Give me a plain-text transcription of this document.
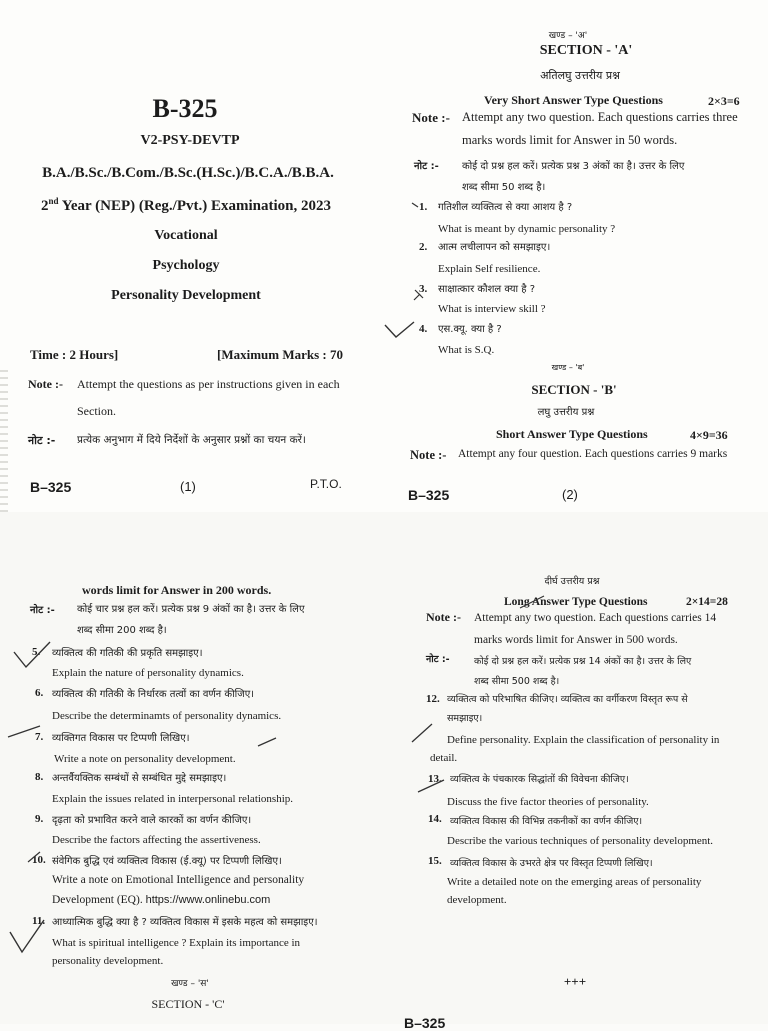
B-325
V2-PSY-DEVTP
B.A./B.Sc./B.Com./B.Sc.(H.Sc.)/B.C.A./B.B.A.
2nd Year (NEP) (Reg./Pvt.) Examination, 2023
Vocational
Psychology
Personality Development
Time : 2 Hours]	[Maximum Marks : 70
Note :- Attempt the questions as per instructions given in each
Section.
नोट :- प्रत्येक अनुभाग में दिये निर्देशों के अनुसार प्रश्नों का चयन करें।
B–325	(1)	P.T.O.
खण्ड – 'अ'
SECTION - 'A'
अतिलघु उत्तरीय प्रश्न
Very Short Answer Type Questions	2×3=6
Note :- Attempt any two question. Each questions carries three
marks words limit for Answer in 50 words.
नोट :- कोई दो प्रश्न हल करें। प्रत्येक प्रश्न 3 अंकों का है। उत्तर के लिए
शब्द सीमा 50 शब्द है।
1. गतिशील व्यक्तित्व से क्या आशय है ?
What is meant by dynamic personality ?
2. आत्म लचीलापन को समझाइए।
Explain Self resilience.
3. साक्षात्कार कौशल क्या है ?
What is interview skill ?
4. एस.क्यू. क्या है ?
What is S.Q.
खण्ड – 'ब'
SECTION - 'B'
लघु उत्तरीय प्रश्न
Short Answer Type Questions	4×9=36
Note :- Attempt any four question. Each questions carries 9 marks
B–325	(2)
words limit for Answer in 200 words.
नोट :- कोई चार प्रश्न हल करें। प्रत्येक प्रश्न 9 अंकों का है। उत्तर के लिए
शब्द सीमा 200 शब्द है।
5. व्यक्तित्व की गतिकी की प्रकृति समझाइए।
Explain the nature of personality dynamics.
6. व्यक्तित्व की गतिकी के निर्धारक तत्वों का वर्णन कीजिए।
Describe the determinamts of personality dynamics.
7. व्यक्तिगत विकास पर टिप्पणी लिखिए।
Write a note on personality development.
8. अन्तर्वैयक्तिक सम्बंधों से सम्बंधित मुद्दे समझाइए।
Explain the issues related in interpersonal relationship.
9. दृढ़ता को प्रभावित करने वाले कारकों का वर्णन कीजिए।
Describe the factors affecting the assertiveness.
10. संवेगिक बुद्धि एवं व्यक्तित्व विकास (ई.क्यू) पर टिप्पणी लिखिए।
Write a note on Emotional Intelligence and personality
Development (EQ). https://www.onlinebu.com
11. आध्यात्मिक बुद्धि क्या है ? व्यक्तित्व विकास में इसके महत्व को समझाइए।
What is spiritual intelligence ? Explain its importance in
personality development.
खण्ड – 'स'
SECTION - 'C'
दीर्घ उत्तरीय प्रश्न
Long Answer Type Questions	2×14=28
Note :- Attempt any two question. Each questions carries 14
marks words limit for Answer in 500 words.
नोट :-	कोई दो प्रश्न हल करें। प्रत्येक प्रश्न 14 अंकों का है। उत्तर के लिए
शब्द सीमा 500 शब्द है।
12. व्यक्तित्व को परिभाषित कीजिए। व्यक्तित्व का वर्गीकरण विस्तृत रूप से
समझाइए।
Define personality. Explain the classification of personality in
detail.
13. व्यक्तित्व के पंचकारक सिद्धांतों की विवेचना कीजिए।
Discuss the five factor theories of personality.
14. व्यक्तित्व विकास की विभिन्न तकनीकों का वर्णन कीजिए।
Describe the various techniques of personality development.
15. व्यक्तित्व विकास के उभरते क्षेत्र पर विस्तृत टिप्पणी लिखिए।
Write a detailed note on the emerging areas of personality
development.
+++
B–325
